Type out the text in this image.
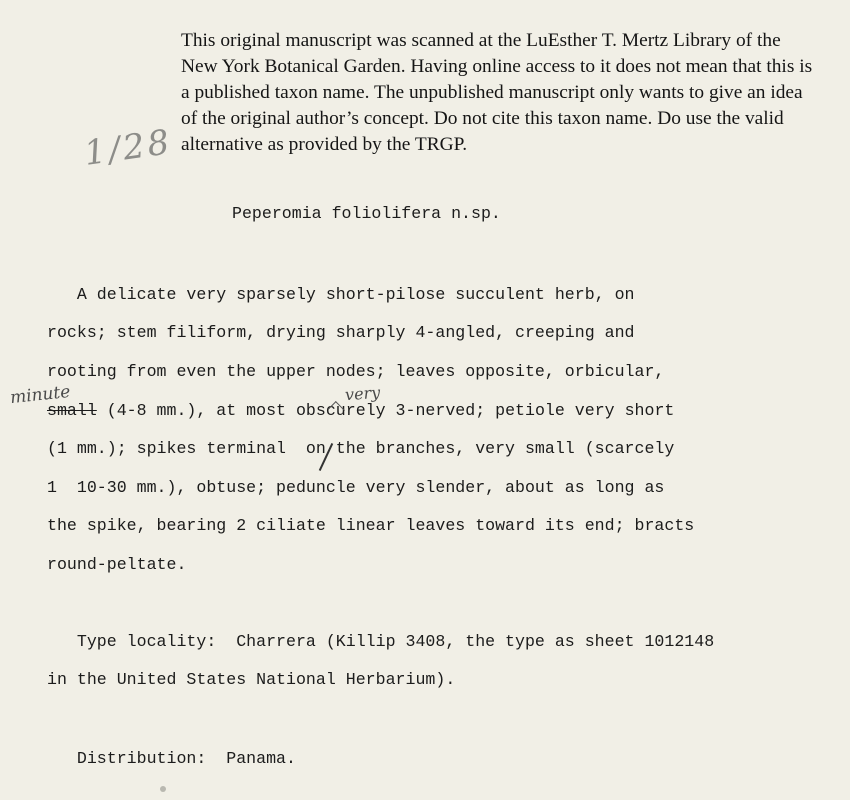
This original manuscript was scanned at the LuEsther T. Mertz Library of the New York Botanical Garden. Having online access to it does not mean that this is a published taxon name. The unpublished manuscript only wants to give an idea of the original author’s concept. Do not cite this taxon name. Do use the valid alternative as provided by the TRGP.

1/28
Peperomia foliolifera n.sp.
A delicate very sparsely short-pilose succulent herb, on
rocks; stem filiform, drying sharply 4-angled, creeping and
rooting from even the upper nodes; leaves opposite, orbicular,
small (4-8 mm.), at most obscurely 3-nerved; petiole very short
minute	very
(1 mm.); spikes terminal  on the branches, very small (scarcely
1  10-30 mm.), obtuse; peduncle very slender, about as long as
the spike, bearing 2 ciliate linear leaves toward its end; bracts
round-peltate.
Type locality:  Charrera (Killip 3408, the type as sheet 1012148
in the United States National Herbarium).
Distribution:  Panama.
